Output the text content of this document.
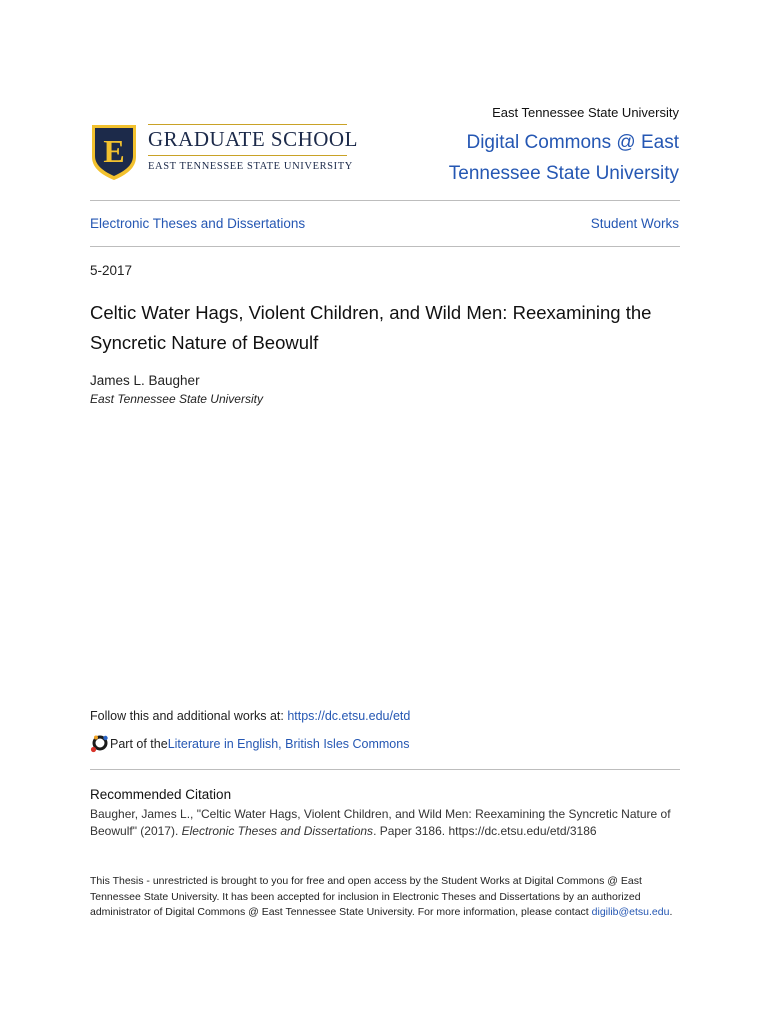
E GRADUATE SCHOOL
EAST TENNESSEE STATE UNIVERSITY
East Tennessee State University
Digital Commons @ East Tennessee State University
Electronic Theses and Dissertations	Student Works
5-2017
Celtic Water Hags, Violent Children, and Wild Men: Reexamining the Syncretic Nature of Beowulf
James L. Baugher
East Tennessee State University
Follow this and additional works at: https://dc.etsu.edu/etd
Part of the Literature in English, British Isles Commons
Recommended Citation
Baugher, James L., "Celtic Water Hags, Violent Children, and Wild Men: Reexamining the Syncretic Nature of Beowulf" (2017). Electronic Theses and Dissertations. Paper 3186. https://dc.etsu.edu/etd/3186
This Thesis - unrestricted is brought to you for free and open access by the Student Works at Digital Commons @ East Tennessee State University. It has been accepted for inclusion in Electronic Theses and Dissertations by an authorized administrator of Digital Commons @ East Tennessee State University. For more information, please contact digilib@etsu.edu.
